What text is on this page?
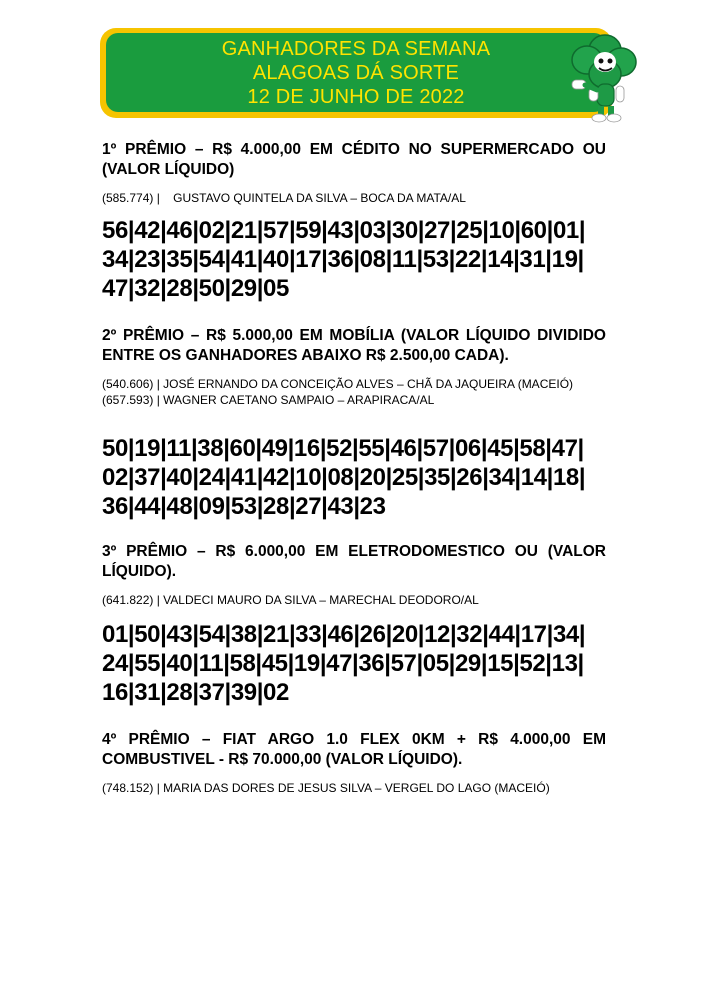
GANHADORES DA SEMANA
ALAGOAS DÁ SORTE
12 DE JUNHO DE 2022

1º PRÊMIO – R$ 4.000,00 EM CÉDITO NO SUPERMERCADO OU (VALOR LÍQUIDO)

(585.774) |    GUSTAVO QUINTELA DA SILVA – BOCA DA MATA/AL

56|42|46|02|21|57|59|43|03|30|27|25|10|60|01|
34|23|35|54|41|40|17|36|08|11|53|22|14|31|19|
47|32|28|50|29|05

2º PRÊMIO – R$ 5.000,00 EM MOBÍLIA (VALOR LÍQUIDO DIVIDIDO ENTRE OS GANHADORES ABAIXO R$ 2.500,00 CADA).

(540.606) | JOSÉ ERNANDO DA CONCEIÇÃO ALVES – CHÃ DA JAQUEIRA (MACEIÓ)

(657.593) | WAGNER CAETANO SAMPAIO – ARAPIRACA/AL

50|19|11|38|60|49|16|52|55|46|57|06|45|58|47|
02|37|40|24|41|42|10|08|20|25|35|26|34|14|18|
36|44|48|09|53|28|27|43|23

3º PRÊMIO – R$ 6.000,00 EM ELETRODOMESTICO OU (VALOR LÍQUIDO).

(641.822) | VALDECI MAURO DA SILVA – MARECHAL DEODORO/AL

01|50|43|54|38|21|33|46|26|20|12|32|44|17|34|
24|55|40|11|58|45|19|47|36|57|05|29|15|52|13|
16|31|28|37|39|02

4º PRÊMIO – FIAT ARGO 1.0 FLEX 0KM + R$ 4.000,00 EM COMBUSTIVEL - R$ 70.000,00 (VALOR LÍQUIDO).

(748.152) | MARIA DAS DORES DE JESUS SILVA – VERGEL DO LAGO (MACEIÓ)
